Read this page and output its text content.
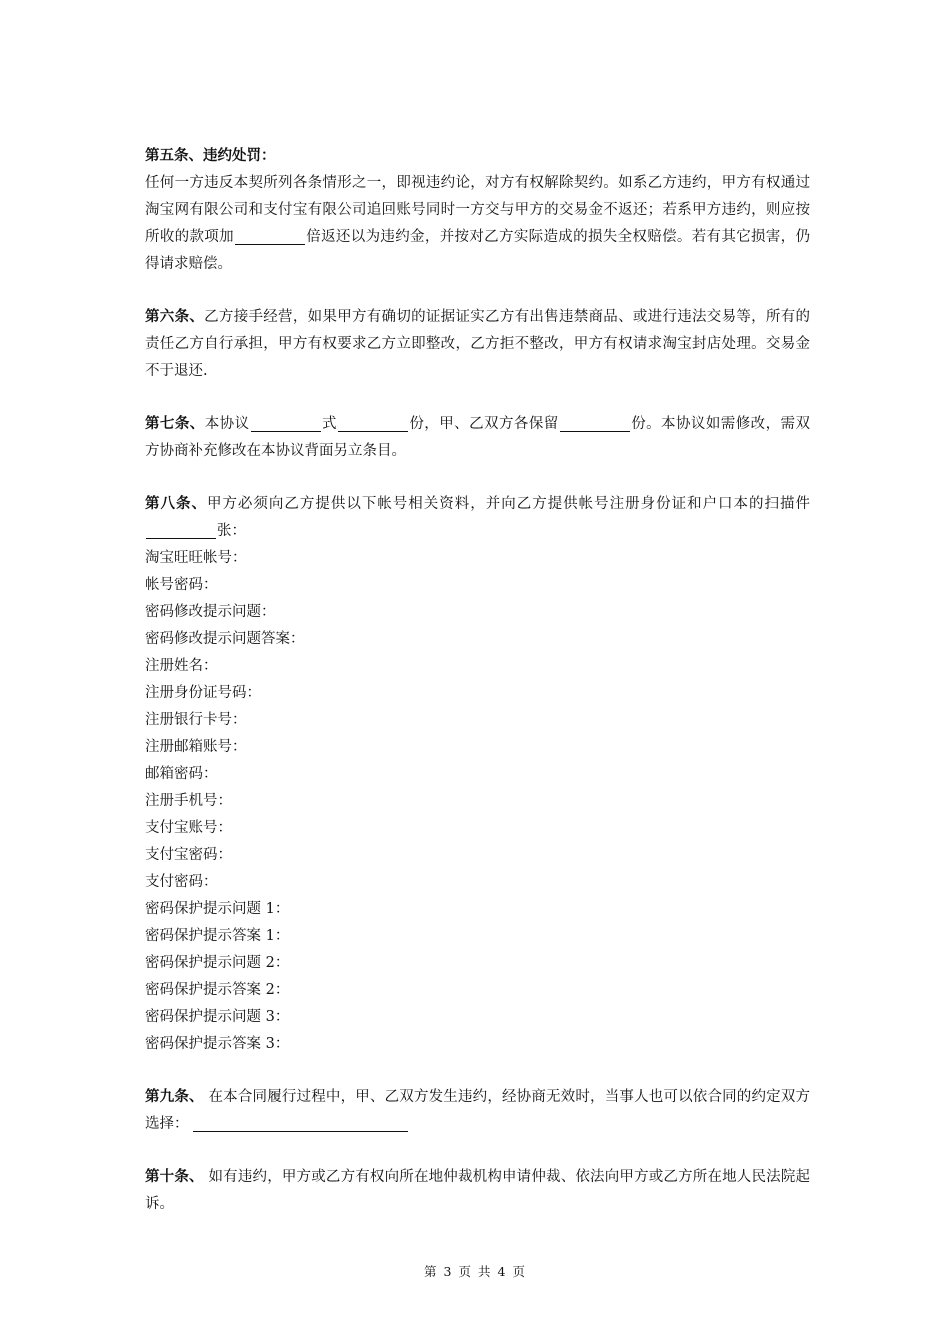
第五条、违约处罚：
任何一方违反本契所列各条情形之一，即视违约论，对方有权解除契约。如系乙方违约，甲方有权通过淘宝网有限公司和支付宝有限公司追回账号同时一方交与甲方的交易金不返还；若系甲方违约，则应按所收的款项加	倍返还以为违约金，并按对乙方实际造成的损失全权赔偿。若有其它损害，仍得请求赔偿。

第六条、乙方接手经营，如果甲方有确切的证据证实乙方有出售违禁商品、或进行违法交易等，所有的责任乙方自行承担，甲方有权要求乙方立即整改，乙方拒不整改，甲方有权请求淘宝封店处理。交易金不于退还.

第七条、本协议	式	份，甲、乙双方各保留	份。本协议如需修改，需双方协商补充修改在本协议背面另立条目。

第八条、甲方必须向乙方提供以下帐号相关资料，并向乙方提供帐号注册身份证和户口本的扫描件张：

淘宝旺旺帐号：
帐号密码：
密码修改提示问题：
密码修改提示问题答案：
注册姓名：
注册身份证号码：
注册银行卡号：
注册邮箱账号：
邮箱密码：
注册手机号：
支付宝账号：
支付宝密码：
支付密码：
密码保护提示问题 1：
密码保护提示答案 1：
密码保护提示问题 2：
密码保护提示答案 2：
密码保护提示问题 3：
密码保护提示答案 3：

第九条、 在本合同履行过程中，甲、乙双方发生违约，经协商无效时，当事人也可以依合同的约定双方选择：

第十条、 如有违约，甲方或乙方有权向所在地仲裁机构申请仲裁、依法向甲方或乙方所在地人民法院起诉。

第 3 页 共 4 页
